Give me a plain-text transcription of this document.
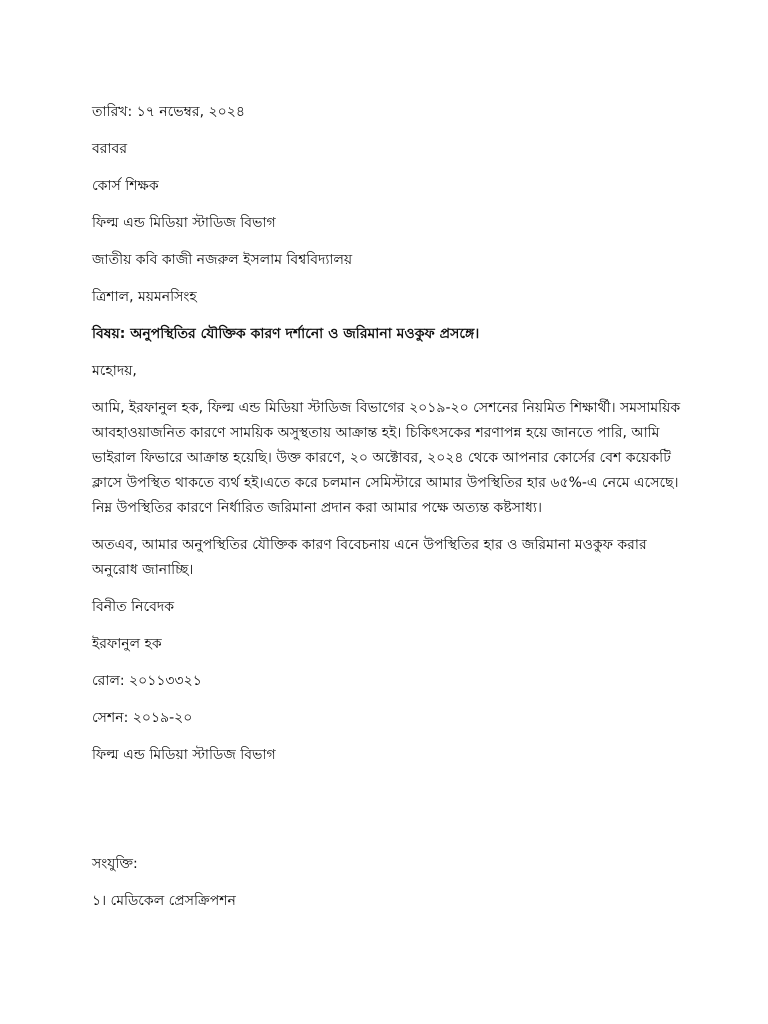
তারিখ: ১৭ নভেম্বর, ২০২৪
বরাবর
কোর্স শিক্ষক
ফিল্ম এন্ড মিডিয়া স্টাডিজ বিভাগ
জাতীয় কবি কাজী নজরুল ইসলাম বিশ্ববিদ্যালয়
ত্রিশাল, ময়মনসিংহ
বিষয়: অনুপস্থিতির যৌক্তিক কারণ দর্শানো ও জরিমানা মওকুফ প্রসঙ্গে।
মহোদয়,
আমি, ইরফানুল হক, ফিল্ম এন্ড মিডিয়া স্টাডিজ বিভাগের ২০১৯-২০ সেশনের নিয়মিত শিক্ষার্থী। সমসাময়িক
আবহাওয়াজনিত কারণে সাময়িক অসুস্থতায় আক্রান্ত হই। চিকিৎসকের শরণাপন্ন হয়ে জানতে পারি, আমি
ভাইরাল ফিভারে আক্রান্ত হয়েছি। উক্ত কারণে, ২০ অক্টোবর, ২০২৪ থেকে আপনার কোর্সের বেশ কয়েকটি
ক্লাসে উপস্থিত থাকতে ব্যর্থ হই।এতে করে চলমান সেমিস্টারে আমার উপস্থিতির হার ৬৫%-এ নেমে এসেছে।
নিম্ন উপস্থিতির কারণে নির্ধারিত জরিমানা প্রদান করা আমার পক্ষে অত্যন্ত কষ্টসাধ্য।
অতএব, আমার অনুপস্থিতির যৌক্তিক কারণ বিবেচনায় এনে উপস্থিতির হার ও জরিমানা মওকুফ করার
অনুরোধ জানাচ্ছি।
বিনীত নিবেদক
ইরফানুল হক
রোল: ২০১১৩৩২১
সেশন: ২০১৯-২০
ফিল্ম এন্ড মিডিয়া স্টাডিজ বিভাগ
সংযুক্তি:
১। মেডিকেল প্রেসক্রিপশন
